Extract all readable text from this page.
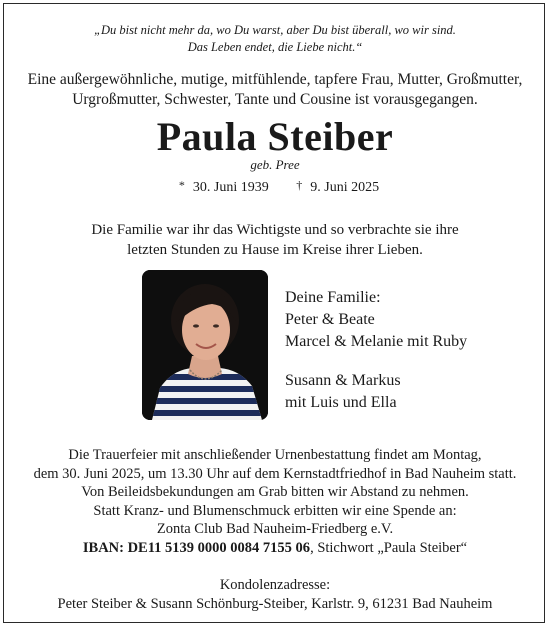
„Du bist nicht mehr da, wo Du warst, aber Du bist überall, wo wir sind.
Das Leben endet, die Liebe nicht.“
Eine außergewöhnliche, mutige, mitfühlende, tapfere Frau, Mutter, Großmutter,
Urgroßmutter, Schwester, Tante und Cousine ist vorausgegangen.
Paula Steiber
geb. Pree
* 30. Juni 1939 † 9. Juni 2025
Die Familie war ihr das Wichtigste und so verbrachte sie ihre
letzten Stunden zu Hause im Kreise ihrer Lieben.
Deine Familie:
Peter & Beate
Marcel & Melanie mit Ruby
Susann & Markus
mit Luis und Ella
Die Trauerfeier mit anschließender Urnenbestattung findet am Montag,
dem 30. Juni 2025, um 13.30 Uhr auf dem Kernstadtfriedhof in Bad Nauheim statt.
Von Beileidsbekundungen am Grab bitten wir Abstand zu nehmen.
Statt Kranz- und Blumenschmuck erbitten wir eine Spende an:
Zonta Club Bad Nauheim-Friedberg e.V.
IBAN: DE11 5139 0000 0084 7155 06, Stichwort „Paula Steiber“
Kondolenzadresse:
Peter Steiber & Susann Schönburg-Steiber, Karlstr. 9, 61231 Bad Nauheim
